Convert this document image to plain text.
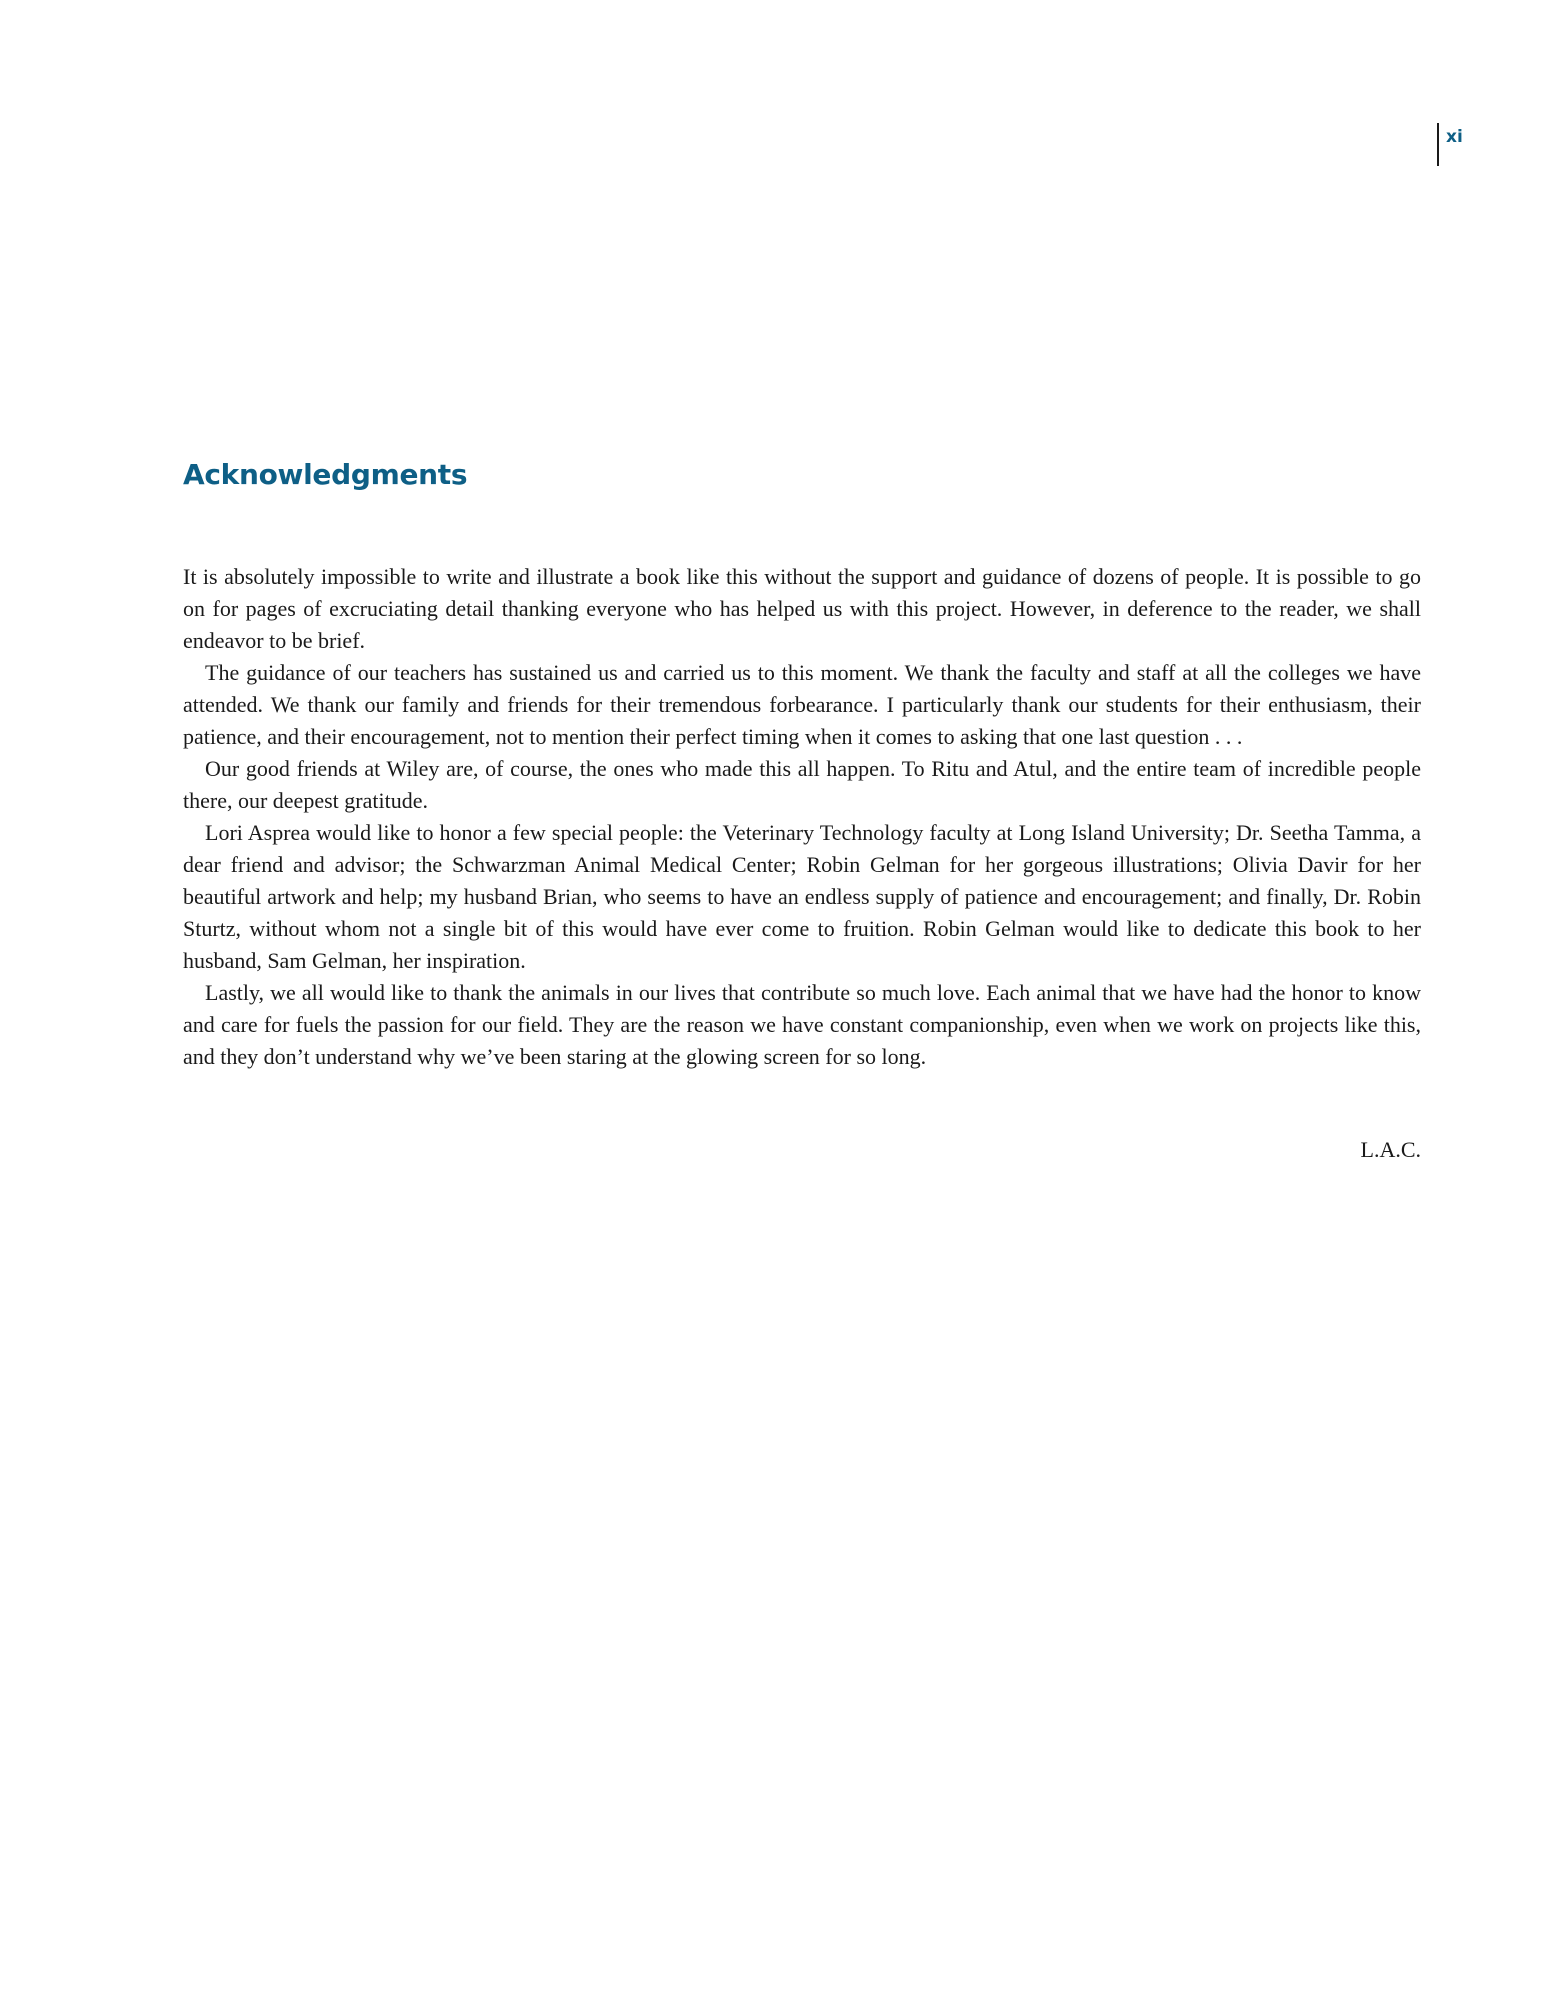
xi
Acknowledgments

It is absolutely impossible to write and illustrate a book like this without the support and guidance of dozens of people. It is possible to go on for pages of excruciating detail thanking everyone who has helped us with this project. However, in deference to the reader, we shall endeavor to be brief.

The guidance of our teachers has sustained us and carried us to this moment. We thank the faculty and staff at all the colleges we have attended. We thank our family and friends for their tremendous forbearance. I particularly thank our students for their enthusiasm, their patience, and their encouragement, not to mention their perfect timing when it comes to asking that one last question . . .

Our good friends at Wiley are, of course, the ones who made this all happen. To Ritu and Atul, and the entire team of incredible people there, our deepest gratitude.

Lori Asprea would like to honor a few special people: the Veterinary Technology faculty at Long Island University; Dr. Seetha Tamma, a dear friend and advisor; the Schwarzman Animal Medical Center; Robin Gelman for her gorgeous illustrations; Olivia Davir for her beautiful artwork and help; my husband Brian, who seems to have an endless supply of patience and encouragement; and finally, Dr. Robin Sturtz, without whom not a single bit of this would have ever come to fruition. Robin Gelman would like to dedicate this book to her husband, Sam Gelman, her inspiration.

Lastly, we all would like to thank the animals in our lives that contribute so much love. Each animal that we have had the honor to know and care for fuels the passion for our field. They are the reason we have constant companionship, even when we work on projects like this, and they don’t understand why we’ve been staring at the glowing screen for so long.

L.A.C.
